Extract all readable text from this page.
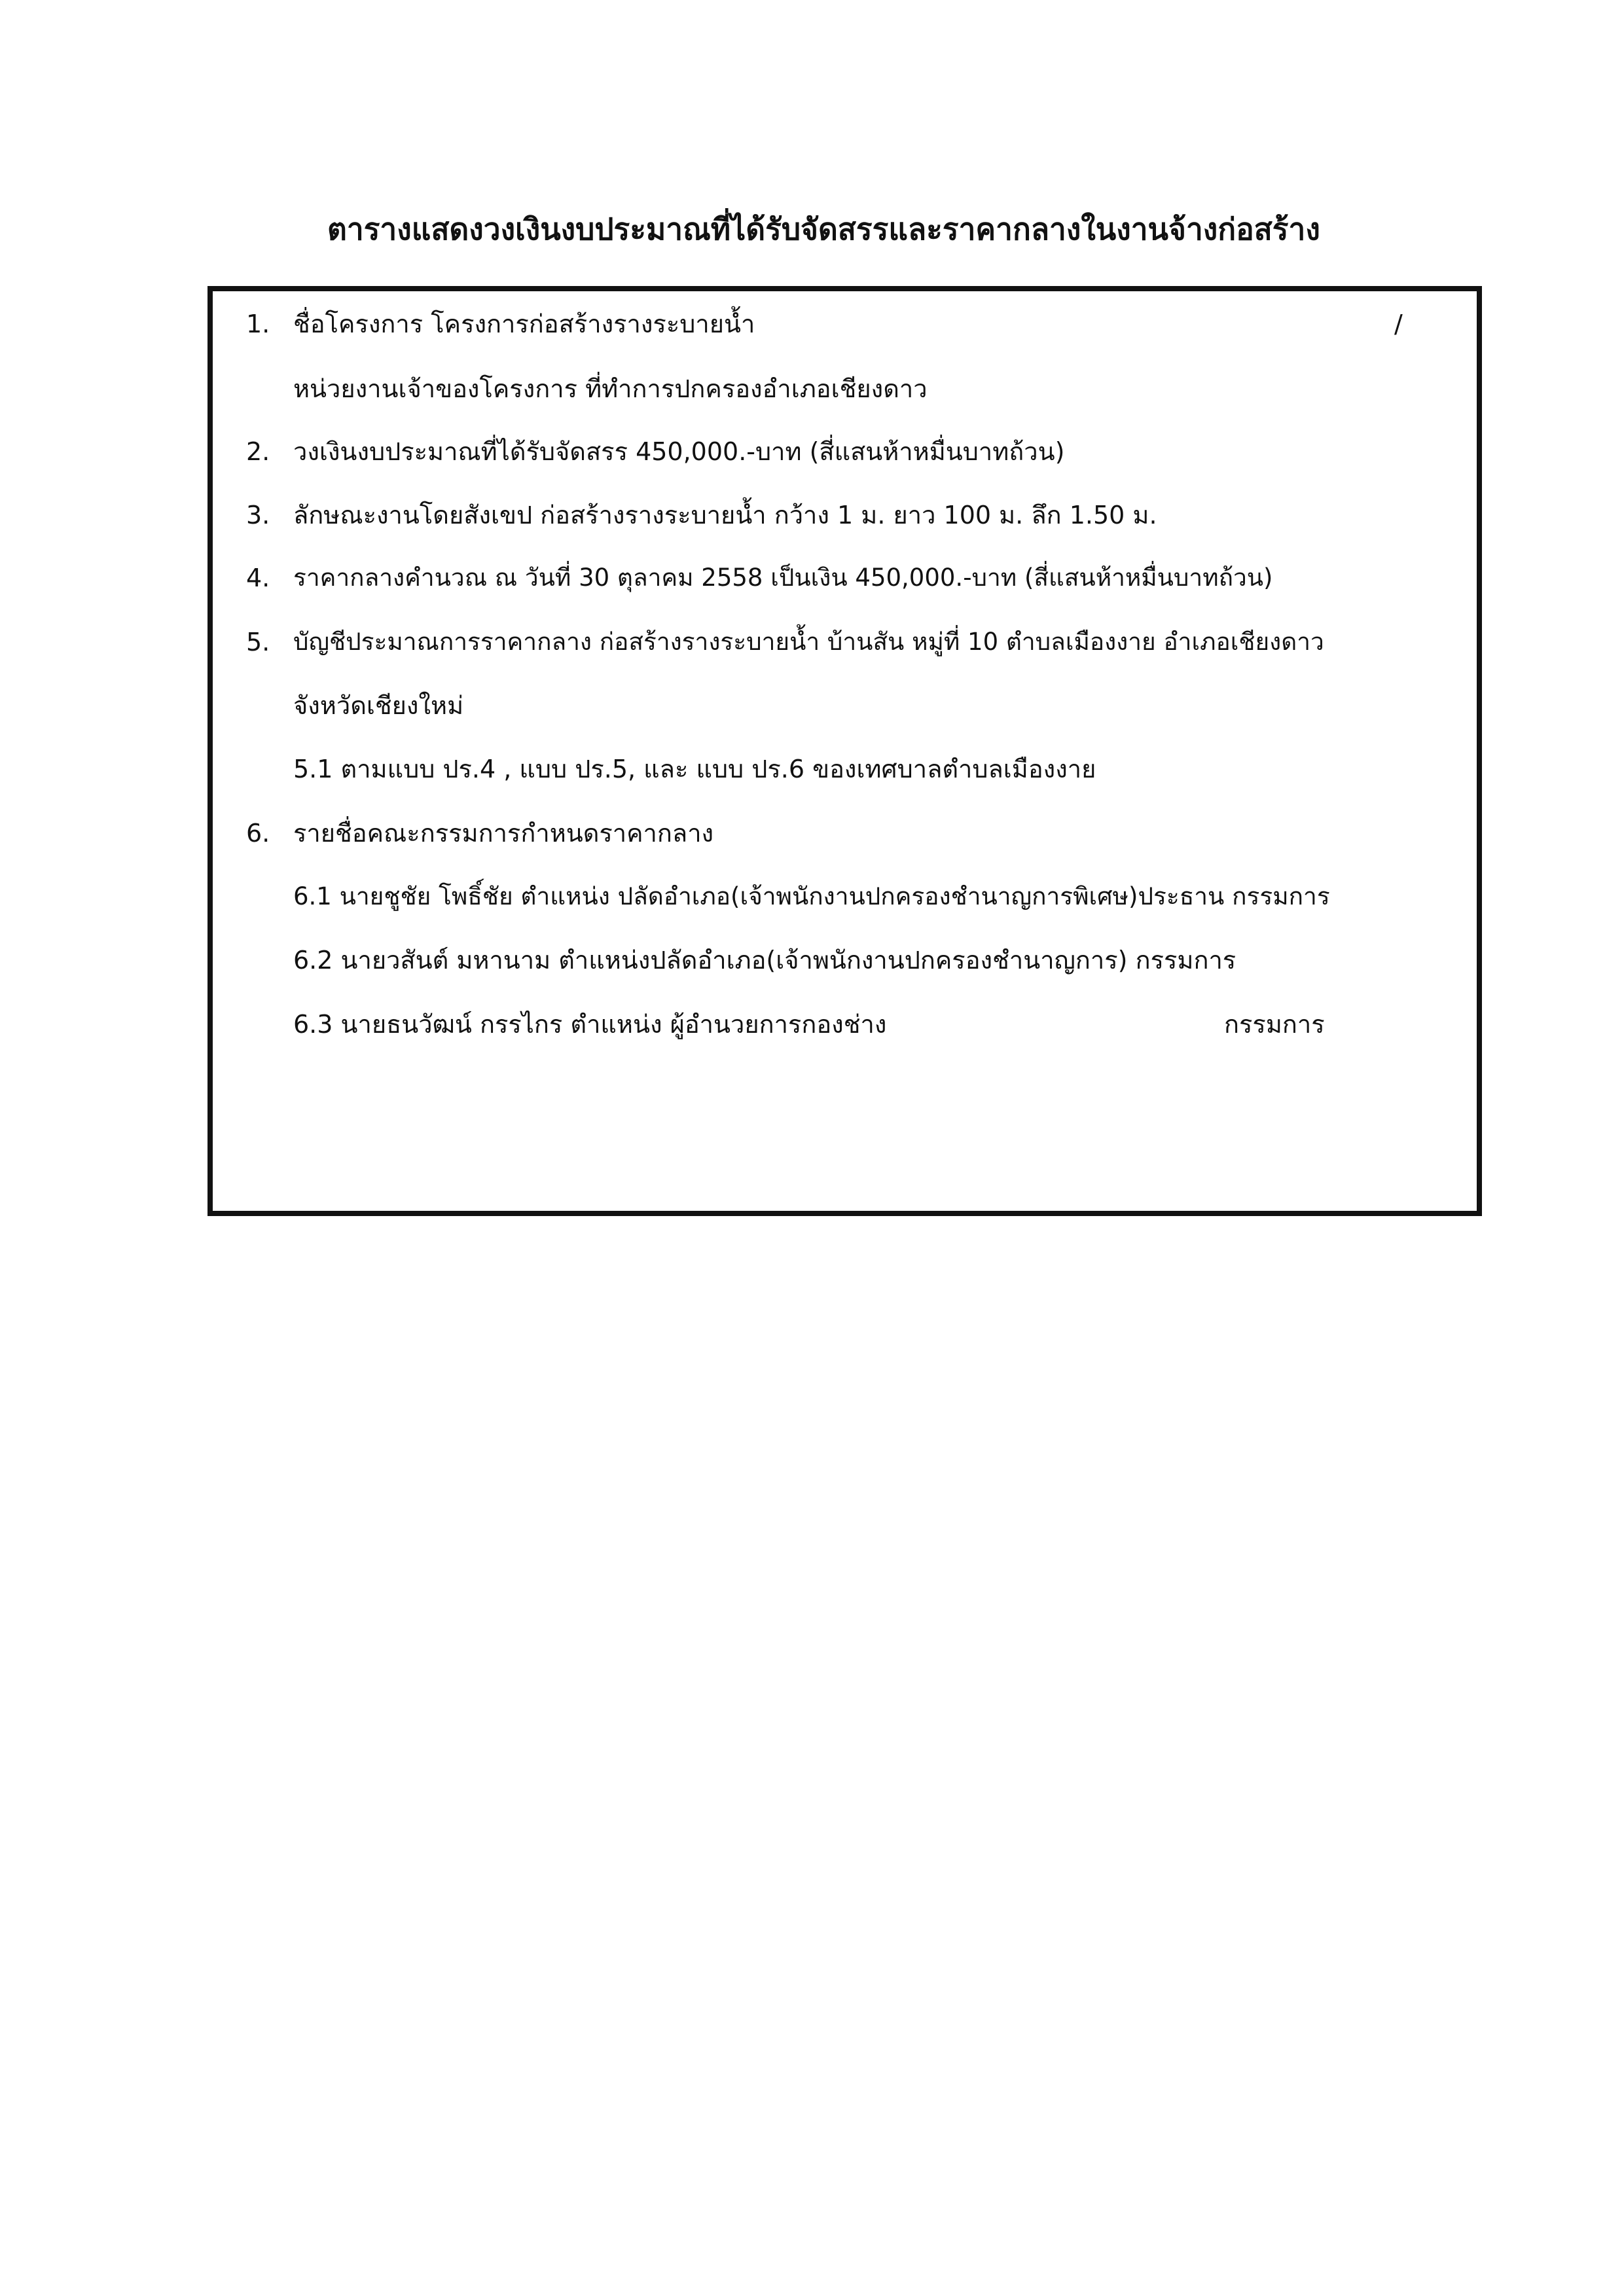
ตารางแสดงวงเงินงบประมาณที่ได้รับจัดสรรและราคากลางในงานจ้างก่อสร้าง
1. ชื่อโครงการ โครงการก่อสร้างรางระบายน้ำ	/
หน่วยงานเจ้าของโครงการ ที่ทำการปกครองอำเภอเชียงดาว
2. วงเงินงบประมาณที่ได้รับจัดสรร 450,000.-บาท (สี่แสนห้าหมื่นบาทถ้วน)
3. ลักษณะงานโดยสังเขป ก่อสร้างรางระบายน้ำ กว้าง 1 ม. ยาว 100 ม. ลึก 1.50 ม.
4. ราคากลางคำนวณ ณ วันที่ 30 ตุลาคม 2558 เป็นเงิน 450,000.-บาท (สี่แสนห้าหมื่นบาทถ้วน)
5. บัญชีประมาณการราคากลาง ก่อสร้างรางระบายน้ำ บ้านสัน หมู่ที่ 10 ตำบลเมืองงาย อำเภอเชียงดาว
จังหวัดเชียงใหม่
5.1 ตามแบบ ปร.4 , แบบ ปร.5, และ แบบ ปร.6 ของเทศบาลตำบลเมืองงาย
6. รายชื่อคณะกรรมการกำหนดราคากลาง
6.1 นายชูชัย โพธิ์ชัย ตำแหน่ง ปลัดอำเภอ(เจ้าพนักงานปกครองชำนาญการพิเศษ)ประธาน กรรมการ
6.2 นายวสันต์ มหานาม ตำแหน่งปลัดอำเภอ(เจ้าพนักงานปกครองชำนาญการ) กรรมการ
6.3 นายธนวัฒน์ กรรไกร ตำแหน่ง ผู้อำนวยการกองช่าง	กรรมการ
